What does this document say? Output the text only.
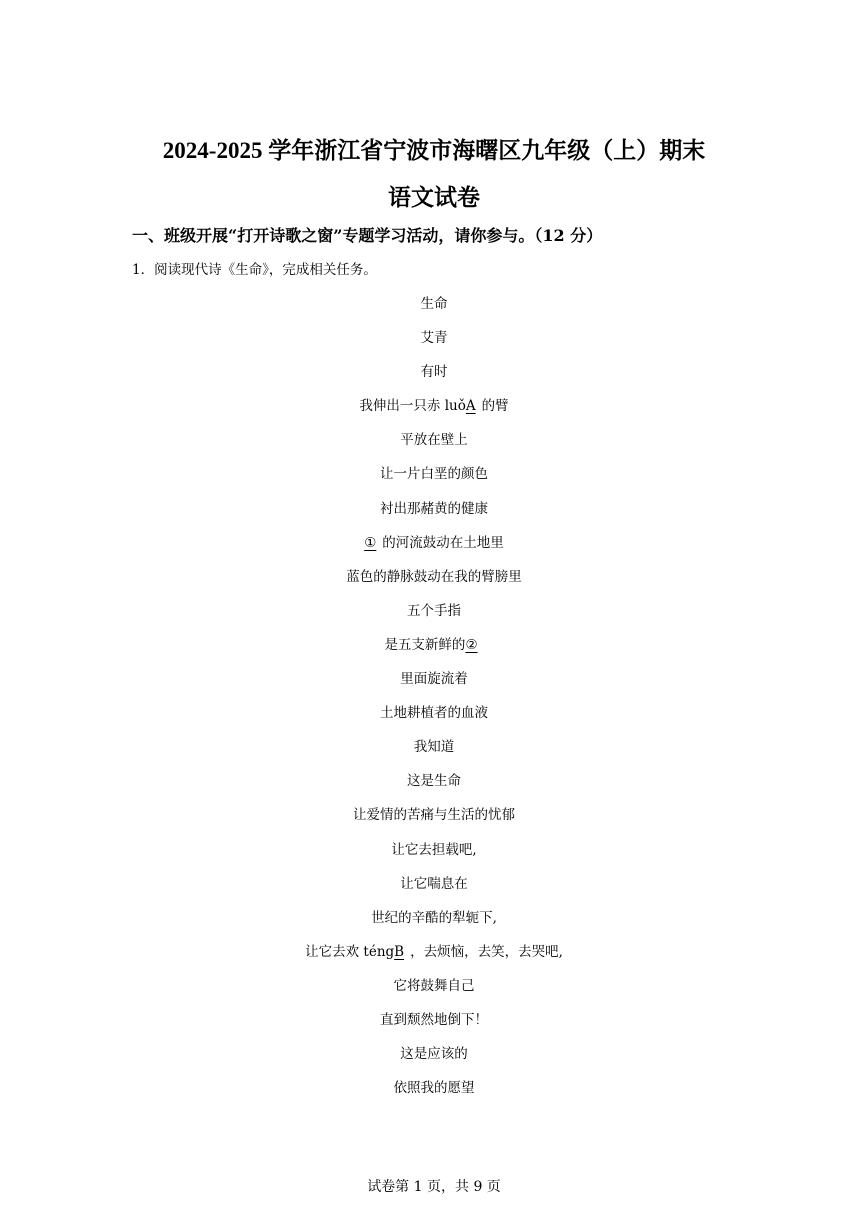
2024-2025 学年浙江省宁波市海曙区九年级（上）期末
语文试卷
一、班级开展“打开诗歌之窗”专题学习活动，请你参与。（12 分）
1．阅读现代诗《生命》，完成相关任务。
生命
艾青
有时
我伸出一只赤 luǒA 的臂
平放在壁上
让一片白垩的颜色
衬出那赭黄的健康
① 的河流鼓动在土地里
蓝色的静脉鼓动在我的臂膀里
五个手指
是五支新鲜的②
里面旋流着
土地耕植者的血液
我知道
这是生命
让爱情的苦痛与生活的忧郁
让它去担载吧,
让它喘息在
世纪的辛酷的犁轭下,
让它去欢 téngB ，去烦恼，去笑，去哭吧,
它将鼓舞自己
直到颓然地倒下！
这是应该的
依照我的愿望
试卷第 1 页，共 9 页
